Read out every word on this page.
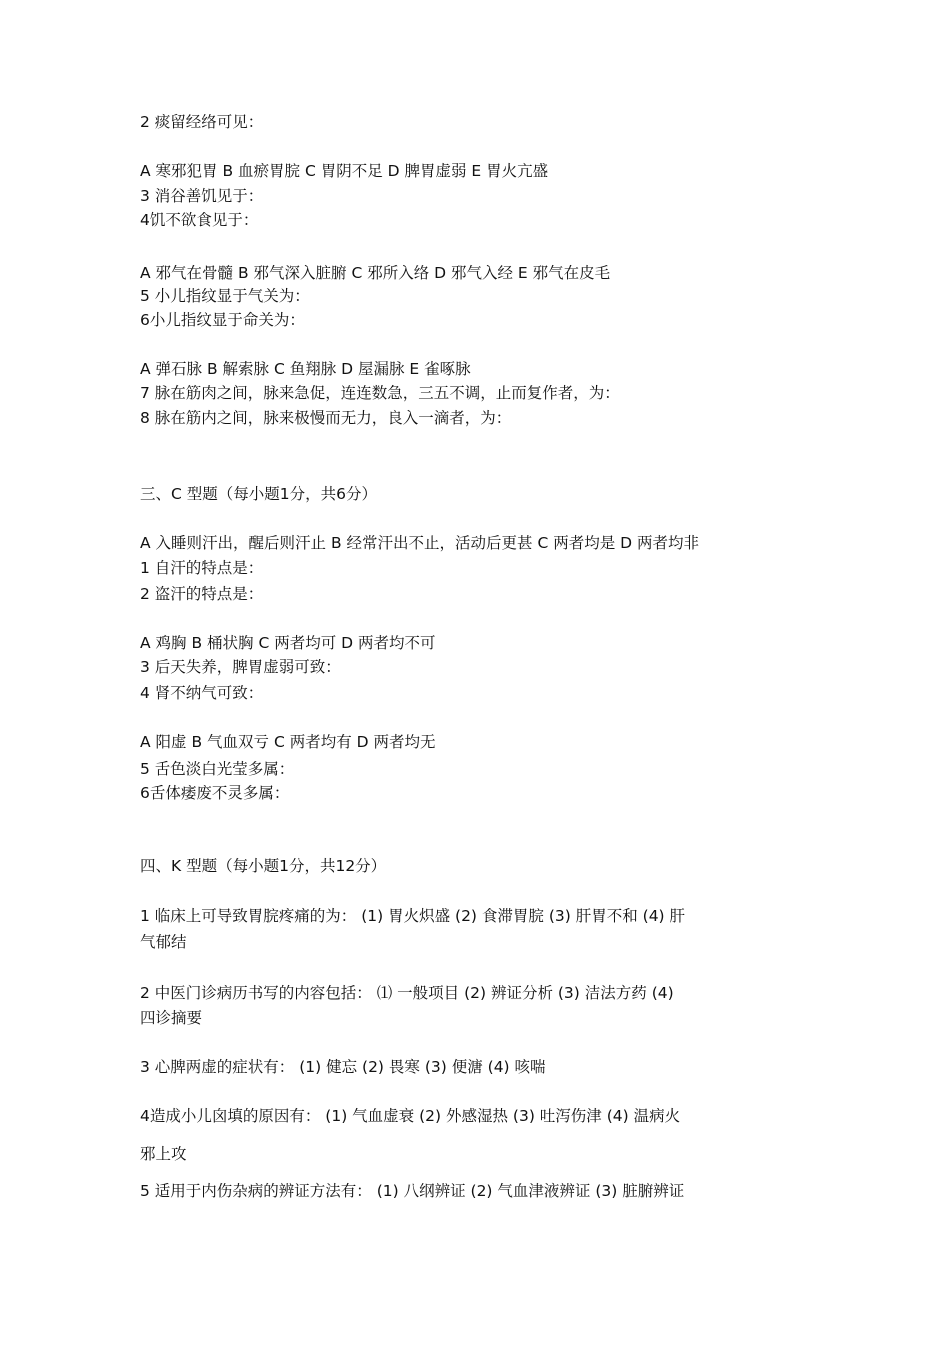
2 痰留经络可见：
A 寒邪犯胃 B 血瘀胃脘 C 胃阴不足 D 脾胃虚弱 E 胃火亢盛
3 消谷善饥见于：
4饥不欲食见于：
A 邪气在骨髓 B 邪气深入脏腑 C 邪所入络 D 邪气入经 E 邪气在皮毛
5 小儿指纹显于气关为：
6小儿指纹显于命关为：
A 弹石脉 B 解索脉 C 鱼翔脉 D 屋漏脉 E 雀啄脉
7 脉在筋肉之间，脉来急促，连连数急，三五不调，止而复作者，为：
8 脉在筋内之间，脉来极慢而无力，良入一滴者，为：
三、C 型题（每小题1分，共6分）
A 入睡则汗出，醒后则汗止 B 经常汗出不止，活动后更甚 C 两者均是 D 两者均非
1 自汗的特点是：
2 盗汗的特点是：
A 鸡胸 B 桶状胸 C 两者均可 D 两者均不可
3 后天失养，脾胃虚弱可致：
4 肾不纳气可致：
A 阳虚 B 气血双亏 C 两者均有 D 两者均无
5 舌色淡白光莹多属：
6舌体痿废不灵多属：
四、K 型题（每小题1分，共12分）
1 临床上可导致胃脘疼痛的为： (1) 胃火炽盛 (2) 食滞胃脘 (3) 肝胃不和 (4) 肝
气郁结
2 中医门诊病历书写的内容包括： ⑴ 一般项目 (2) 辨证分析 (3) 洁法方药 (4)
四诊摘要
3 心脾两虚的症状有： (1) 健忘 (2) 畏寒 (3) 便溏 (4) 咳喘
4造成小儿囟填的原因有： (1) 气血虚衰 (2) 外感湿热 (3) 吐泻伤津 (4) 温病火
邪上攻
5 适用于内伤杂病的辨证方法有： (1) 八纲辨证 (2) 气血津液辨证 (3) 脏腑辨证
